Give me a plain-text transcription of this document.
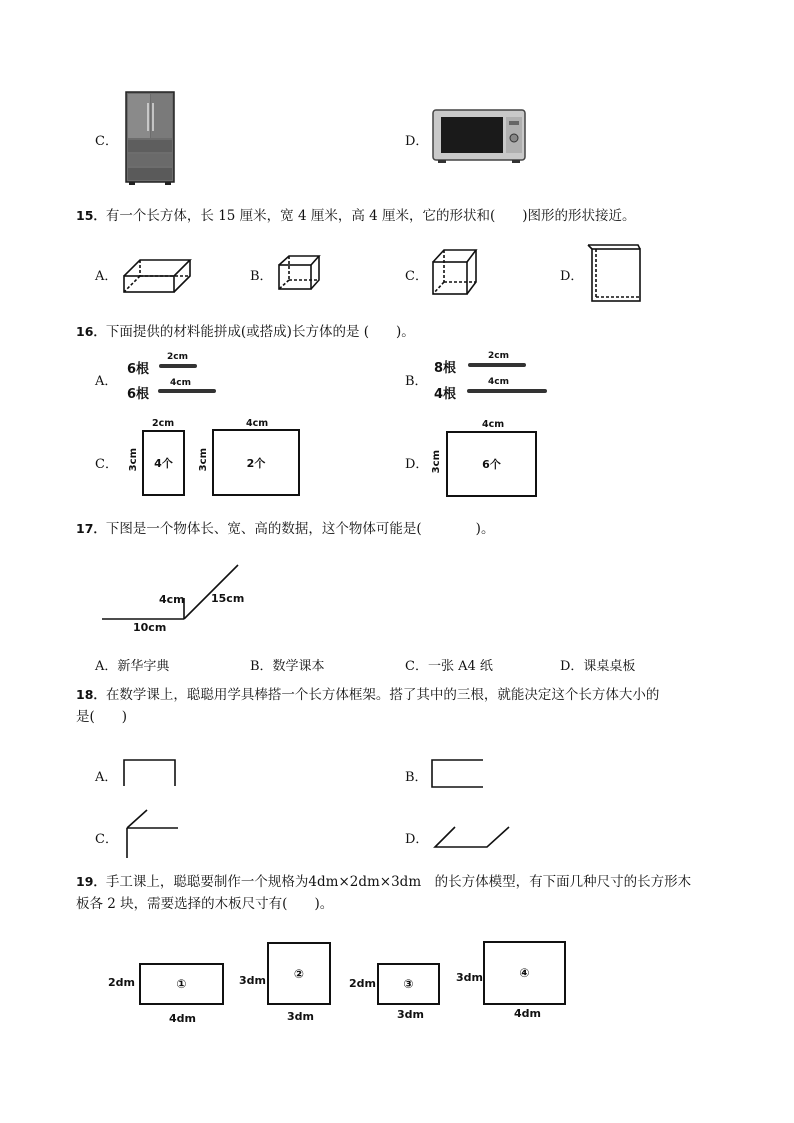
C．	D．
15．有一个长方体，长 15 厘米，宽 4 厘米，高 4 厘米，它的形状和(　　)图形的形状接近。
A．	B．	C．	D．
16．下面提供的材料能拼成(或搭成)长方体的是 (　　)。
A．
6根
2cm
6根
4cm	B．
8根
2cm
4根
4cm
C．
2cm
3cm	4个
4cm
3cm	2个	D．
4cm
3cm	6个
17．下图是一个物体长、宽、高的数据，这个物体可能是(　　　　)。
4cm 15cm
10cm
A．新华字典	B．数学课本	C．一张 A4 纸	D．课桌桌板
18．在数学课上，聪聪用学具棒搭一个长方体框架。搭了其中的三根，就能决定这个长方体大小的
是(　　)
A．	B．
C．	D．
19．手工课上，聪聪要制作一个规格为4dm×2dm×3dm　的长方体模型，有下面几种尺寸的长方形木
板各 2 块，需要选择的木板尺寸有(　　)。
2dm	①
4dm
3dm ②
3dm
2dm ③
3dm
3dm	④
4dm
